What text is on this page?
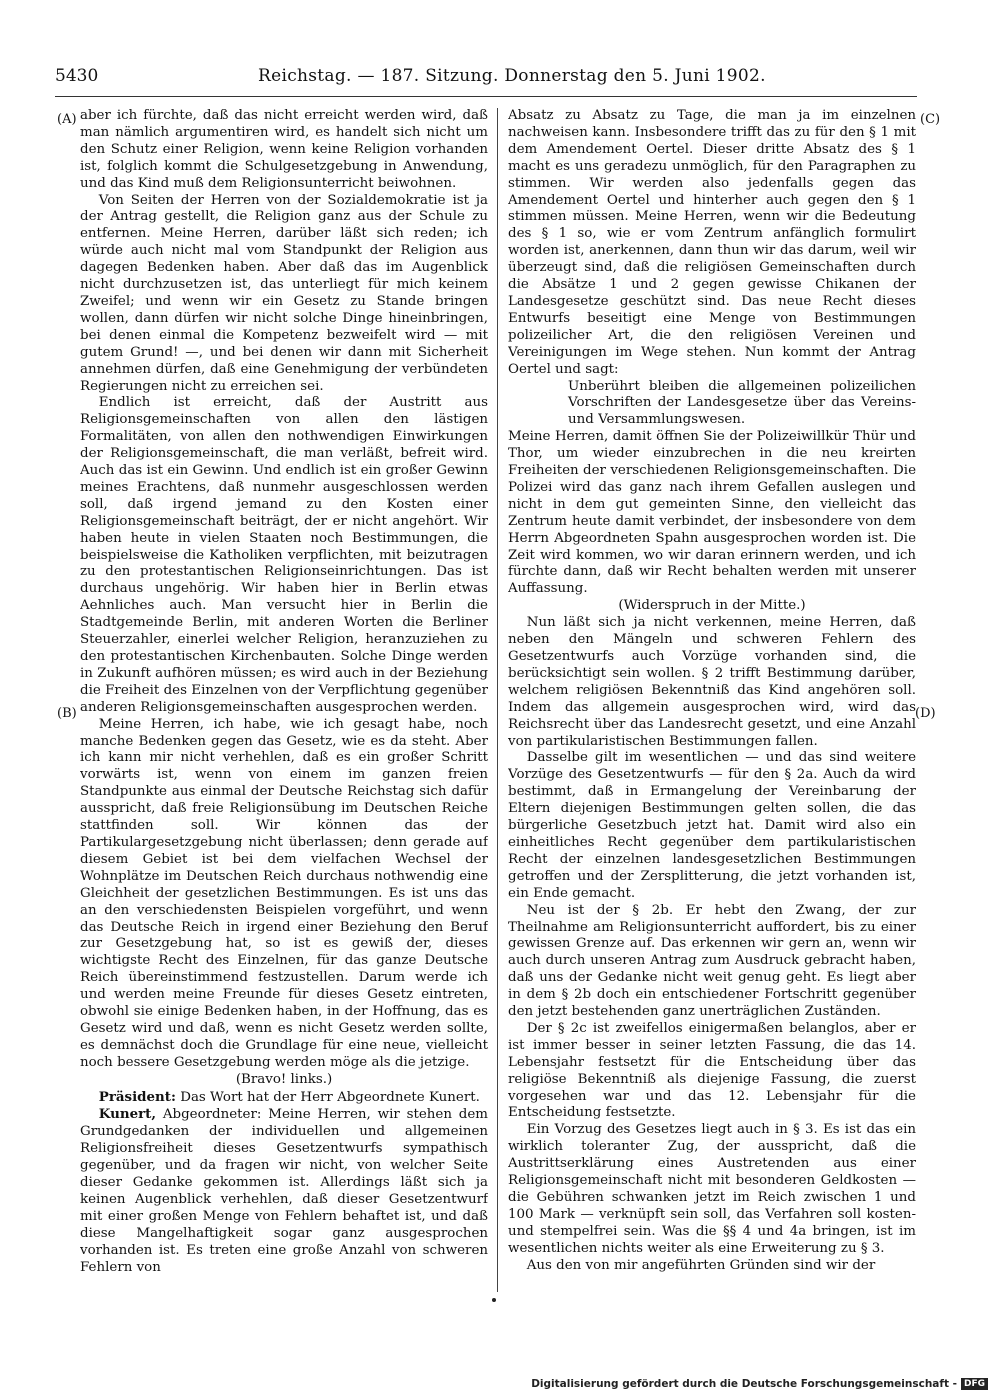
5430	Reichstag. — 187. Sitzung. Donnerstag den 5. Juni 1902.
(A)
(B)
(C)
(D)

aber ich fürchte, daß das nicht erreicht werden wird, daß man nämlich argumentiren wird, es handelt sich nicht um den Schutz einer Religion, wenn keine Religion vorhanden ist, folglich kommt die Schulgesetzgebung in Anwendung, und das Kind muß dem Religionsunterricht beiwohnen.

Von Seiten der Herren von der Sozialdemokratie ist ja der Antrag gestellt, die Religion ganz aus der Schule zu entfernen. Meine Herren, darüber läßt sich reden; ich würde auch nicht mal vom Standpunkt der Religion aus dagegen Bedenken haben. Aber daß das im Augenblick nicht durchzusetzen ist, das unterliegt für mich keinem Zweifel; und wenn wir ein Gesetz zu Stande bringen wollen, dann dürfen wir nicht solche Dinge hineinbringen, bei denen einmal die Kompetenz bezweifelt wird — mit gutem Grund! —, und bei denen wir dann mit Sicherheit annehmen dürfen, daß eine Genehmigung der verbündeten Regierungen nicht zu erreichen sei.

Endlich ist erreicht, daß der Austritt aus Religionsgemeinschaften von allen den lästigen Formalitäten, von allen den nothwendigen Einwirkungen der Religionsgemeinschaft, die man verläßt, befreit wird. Auch das ist ein Gewinn. Und endlich ist ein großer Gewinn meines Erachtens, daß nunmehr ausgeschlossen werden soll, daß irgend jemand zu den Kosten einer Religionsgemeinschaft beiträgt, der er nicht angehört. Wir haben heute in vielen Staaten noch Bestimmungen, die beispielsweise die Katholiken verpflichten, mit beizutragen zu den protestantischen Religionseinrichtungen. Das ist durchaus ungehörig. Wir haben hier in Berlin etwas Aehnliches auch. Man versucht hier in Berlin die Stadtgemeinde Berlin, mit anderen Worten die Berliner Steuerzahler, einerlei welcher Religion, heranzuziehen zu den protestantischen Kirchenbauten. Solche Dinge werden in Zukunft aufhören müssen; es wird auch in der Beziehung die Freiheit des Einzelnen von der Verpflichtung gegenüber anderen Religionsgemeinschaften ausgesprochen werden.

Meine Herren, ich habe, wie ich gesagt habe, noch manche Bedenken gegen das Gesetz, wie es da steht. Aber ich kann mir nicht verhehlen, daß es ein großer Schritt vorwärts ist, wenn von einem im ganzen freien Standpunkte aus einmal der Deutsche Reichstag sich dafür ausspricht, daß freie Religionsübung im Deutschen Reiche stattfinden soll. Wir können das der Partikulargesetzgebung nicht überlassen; denn gerade auf diesem Gebiet ist bei dem vielfachen Wechsel der Wohnplätze im Deutschen Reich durchaus nothwendig eine Gleichheit der gesetzlichen Bestimmungen. Es ist uns das an den verschiedensten Beispielen vorgeführt, und wenn das Deutsche Reich in irgend einer Beziehung den Beruf zur Gesetzgebung hat, so ist es gewiß der, dieses wichtigste Recht des Einzelnen, für das ganze Deutsche Reich übereinstimmend festzustellen. Darum werde ich und werden meine Freunde für dieses Gesetz eintreten, obwohl sie einige Bedenken haben, in der Hoffnung, das es Gesetz wird und daß, wenn es nicht Gesetz werden sollte, es demnächst doch die Grundlage für eine neue, vielleicht noch bessere Gesetzgebung werden möge als die jetzige.

(Bravo! links.)

Präsident: Das Wort hat der Herr Abgeordnete Kunert.

Kunert, Abgeordneter: Meine Herren, wir stehen dem Grundgedanken der individuellen und allgemeinen Religionsfreiheit dieses Gesetzentwurfs sympathisch gegenüber, und da fragen wir nicht, von welcher Seite dieser Gedanke gekommen ist. Allerdings läßt sich ja keinen Augenblick verhehlen, daß dieser Gesetzentwurf mit einer großen Menge von Fehlern behaftet ist, und daß diese Mangelhaftigkeit sogar ganz ausgesprochen vorhanden ist. Es treten eine große Anzahl von schweren Fehlern von

Absatz zu Absatz zu Tage, die man ja im einzelnen nachweisen kann. Insbesondere trifft das zu für den § 1 mit dem Amendement Oertel. Dieser dritte Absatz des § 1 macht es uns geradezu unmöglich, für den Paragraphen zu stimmen. Wir werden also jedenfalls gegen das Amendement Oertel und hinterher auch gegen den § 1 stimmen müssen. Meine Herren, wenn wir die Bedeutung des § 1 so, wie er vom Zentrum anfänglich formulirt worden ist, anerkennen, dann thun wir das darum, weil wir überzeugt sind, daß die religiösen Gemeinschaften durch die Absätze 1 und 2 gegen gewisse Chikanen der Landesgesetze geschützt sind. Das neue Recht dieses Entwurfs beseitigt eine Menge von Bestimmungen polizeilicher Art, die den religiösen Vereinen und Vereinigungen im Wege stehen. Nun kommt der Antrag Oertel und sagt:

Unberührt bleiben die allgemeinen polizeilichen Vorschriften der Landesgesetze über das Vereins- und Versammlungswesen.

Meine Herren, damit öffnen Sie der Polizeiwillkür Thür und Thor, um wieder einzubrechen in die neu kreirten Freiheiten der verschiedenen Religionsgemeinschaften. Die Polizei wird das ganz nach ihrem Gefallen auslegen und nicht in dem gut gemeinten Sinne, den vielleicht das Zentrum heute damit verbindet, der insbesondere von dem Herrn Abgeordneten Spahn ausgesprochen worden ist. Die Zeit wird kommen, wo wir daran erinnern werden, und ich fürchte dann, daß wir Recht behalten werden mit unserer Auffassung.

(Widerspruch in der Mitte.)

Nun läßt sich ja nicht verkennen, meine Herren, daß neben den Mängeln und schweren Fehlern des Gesetzentwurfs auch Vorzüge vorhanden sind, die berücksichtigt sein wollen. § 2 trifft Bestimmung darüber, welchem religiösen Bekenntniß das Kind angehören soll. Indem das allgemein ausgesprochen wird, wird das Reichsrecht über das Landesrecht gesetzt, und eine Anzahl von partikularistischen Bestimmungen fallen.

Dasselbe gilt im wesentlichen — und das sind weitere Vorzüge des Gesetzentwurfs — für den § 2a. Auch da wird bestimmt, daß in Ermangelung der Vereinbarung der Eltern diejenigen Bestimmungen gelten sollen, die das bürgerliche Gesetzbuch jetzt hat. Damit wird also ein einheitliches Recht gegenüber dem partikularistischen Recht der einzelnen landesgesetzlichen Bestimmungen getroffen und der Zersplitterung, die jetzt vorhanden ist, ein Ende gemacht.

Neu ist der § 2b. Er hebt den Zwang, der zur Theilnahme am Religionsunterricht auffordert, bis zu einer gewissen Grenze auf. Das erkennen wir gern an, wenn wir auch durch unseren Antrag zum Ausdruck gebracht haben, daß uns der Gedanke nicht weit genug geht. Es liegt aber in dem § 2b doch ein entschiedener Fortschritt gegenüber den jetzt bestehenden ganz unerträglichen Zuständen.

Der § 2c ist zweifellos einigermaßen belanglos, aber er ist immer besser in seiner letzten Fassung, die das 14. Lebensjahr festsetzt für die Entscheidung über das religiöse Bekenntniß als diejenige Fassung, die zuerst vorgesehen war und das 12. Lebensjahr für die Entscheidung festsetzte.

Ein Vorzug des Gesetzes liegt auch in § 3. Es ist das ein wirklich toleranter Zug, der ausspricht, daß die Austrittserklärung eines Austretenden aus einer Religionsgemeinschaft nicht mit besonderen Geldkosten — die Gebühren schwanken jetzt im Reich zwischen 1 und 100 Mark — verknüpft sein soll, das Verfahren soll kosten- und stempelfrei sein. Was die §§ 4 und 4a bringen, ist im wesentlichen nichts weiter als eine Erweiterung zu § 3.

Aus den von mir angeführten Gründen sind wir der

Digitalisierung gefördert durch die Deutsche Forschungsgemeinschaft - DFG
